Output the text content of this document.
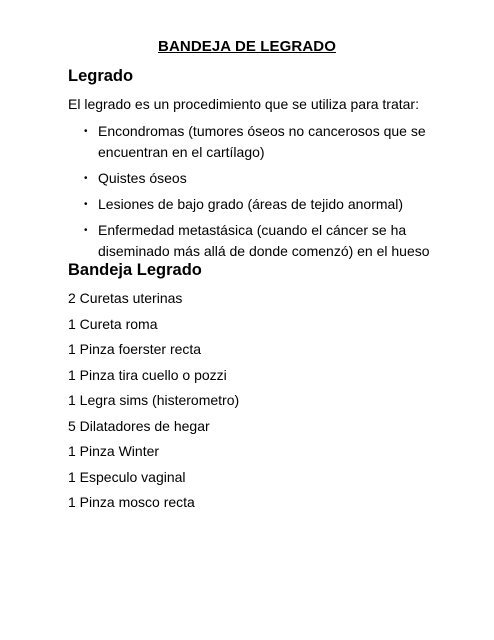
BANDEJA DE LEGRADO
Legrado
El legrado es un procedimiento que se utiliza para tratar:
• Encondromas (tumores óseos no cancerosos que se encuentran en el cartílago)
• Quistes óseos
• Lesiones de bajo grado (áreas de tejido anormal)
• Enfermedad metastásica (cuando el cáncer se ha diseminado más allá de donde comenzó) en el hueso
Bandeja Legrado
2 Curetas uterinas
1 Cureta roma
1 Pinza foerster recta
1 Pinza tira cuello o pozzi
1 Legra sims (histerometro)
5 Dilatadores de hegar
1 Pinza Winter
1 Especulo vaginal
1 Pinza mosco recta
